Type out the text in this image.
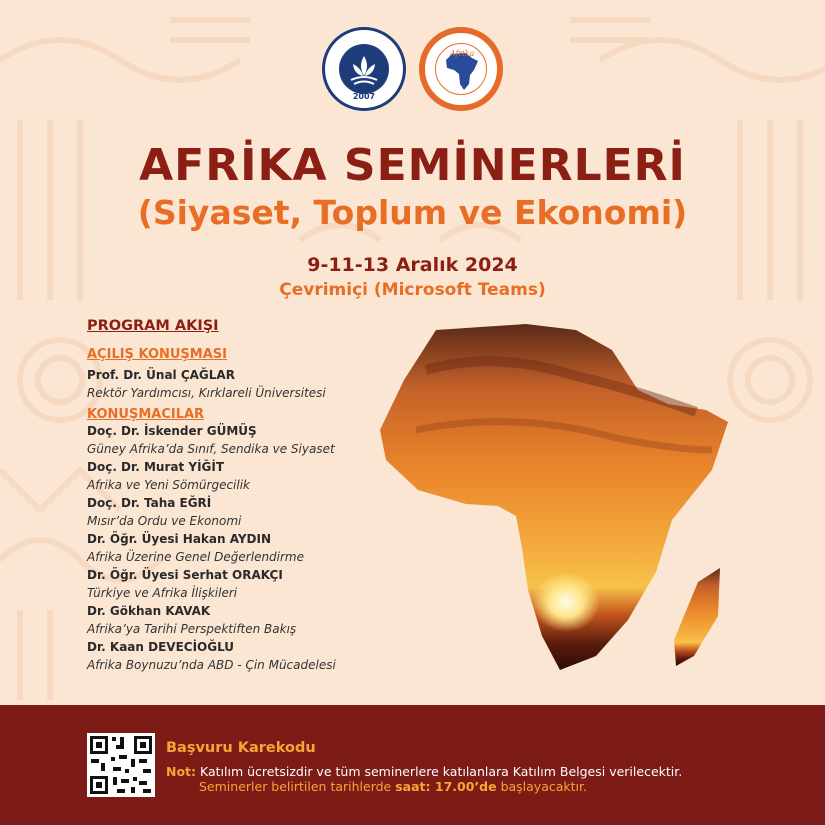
2007
Afrika
AFRİKA SEMİNERLERİ
(Siyaset, Toplum ve Ekonomi)
9-11-13 Aralık 2024
Çevrimiçi (Microsoft Teams)
PROGRAM AKIŞI
AÇILIŞ KONUŞMASI
Prof. Dr. Ünal ÇAĞLAR
Rektör Yardımcısı, Kırklareli Üniversitesi
KONUŞMACILAR
Doç. Dr. İskender GÜMÜŞ
Güney Afrika’da Sınıf, Sendika ve Siyaset
Doç. Dr. Murat YİĞİT
Afrika ve Yeni Sömürgecilik
Doç. Dr. Taha EĞRİ
Mısır’da Ordu ve Ekonomi
Dr. Öğr. Üyesi Hakan AYDIN
Afrika Üzerine Genel Değerlendirme
Dr. Öğr. Üyesi Serhat ORAKÇI
Türkiye ve Afrika İlişkileri
Dr. Gökhan KAVAK
Afrika’ya Tarihi Perspektiften Bakış
Dr. Kaan DEVECİOĞLU
Afrika Boynuzu’nda ABD - Çin Mücadelesi
Başvuru Karekodu
Not: Katılım ücretsizdir ve tüm seminerlere katılanlara Katılım Belgesi verilecektir.
Seminerler belirtilen tarihlerde saat: 17.00’de başlayacaktır.
